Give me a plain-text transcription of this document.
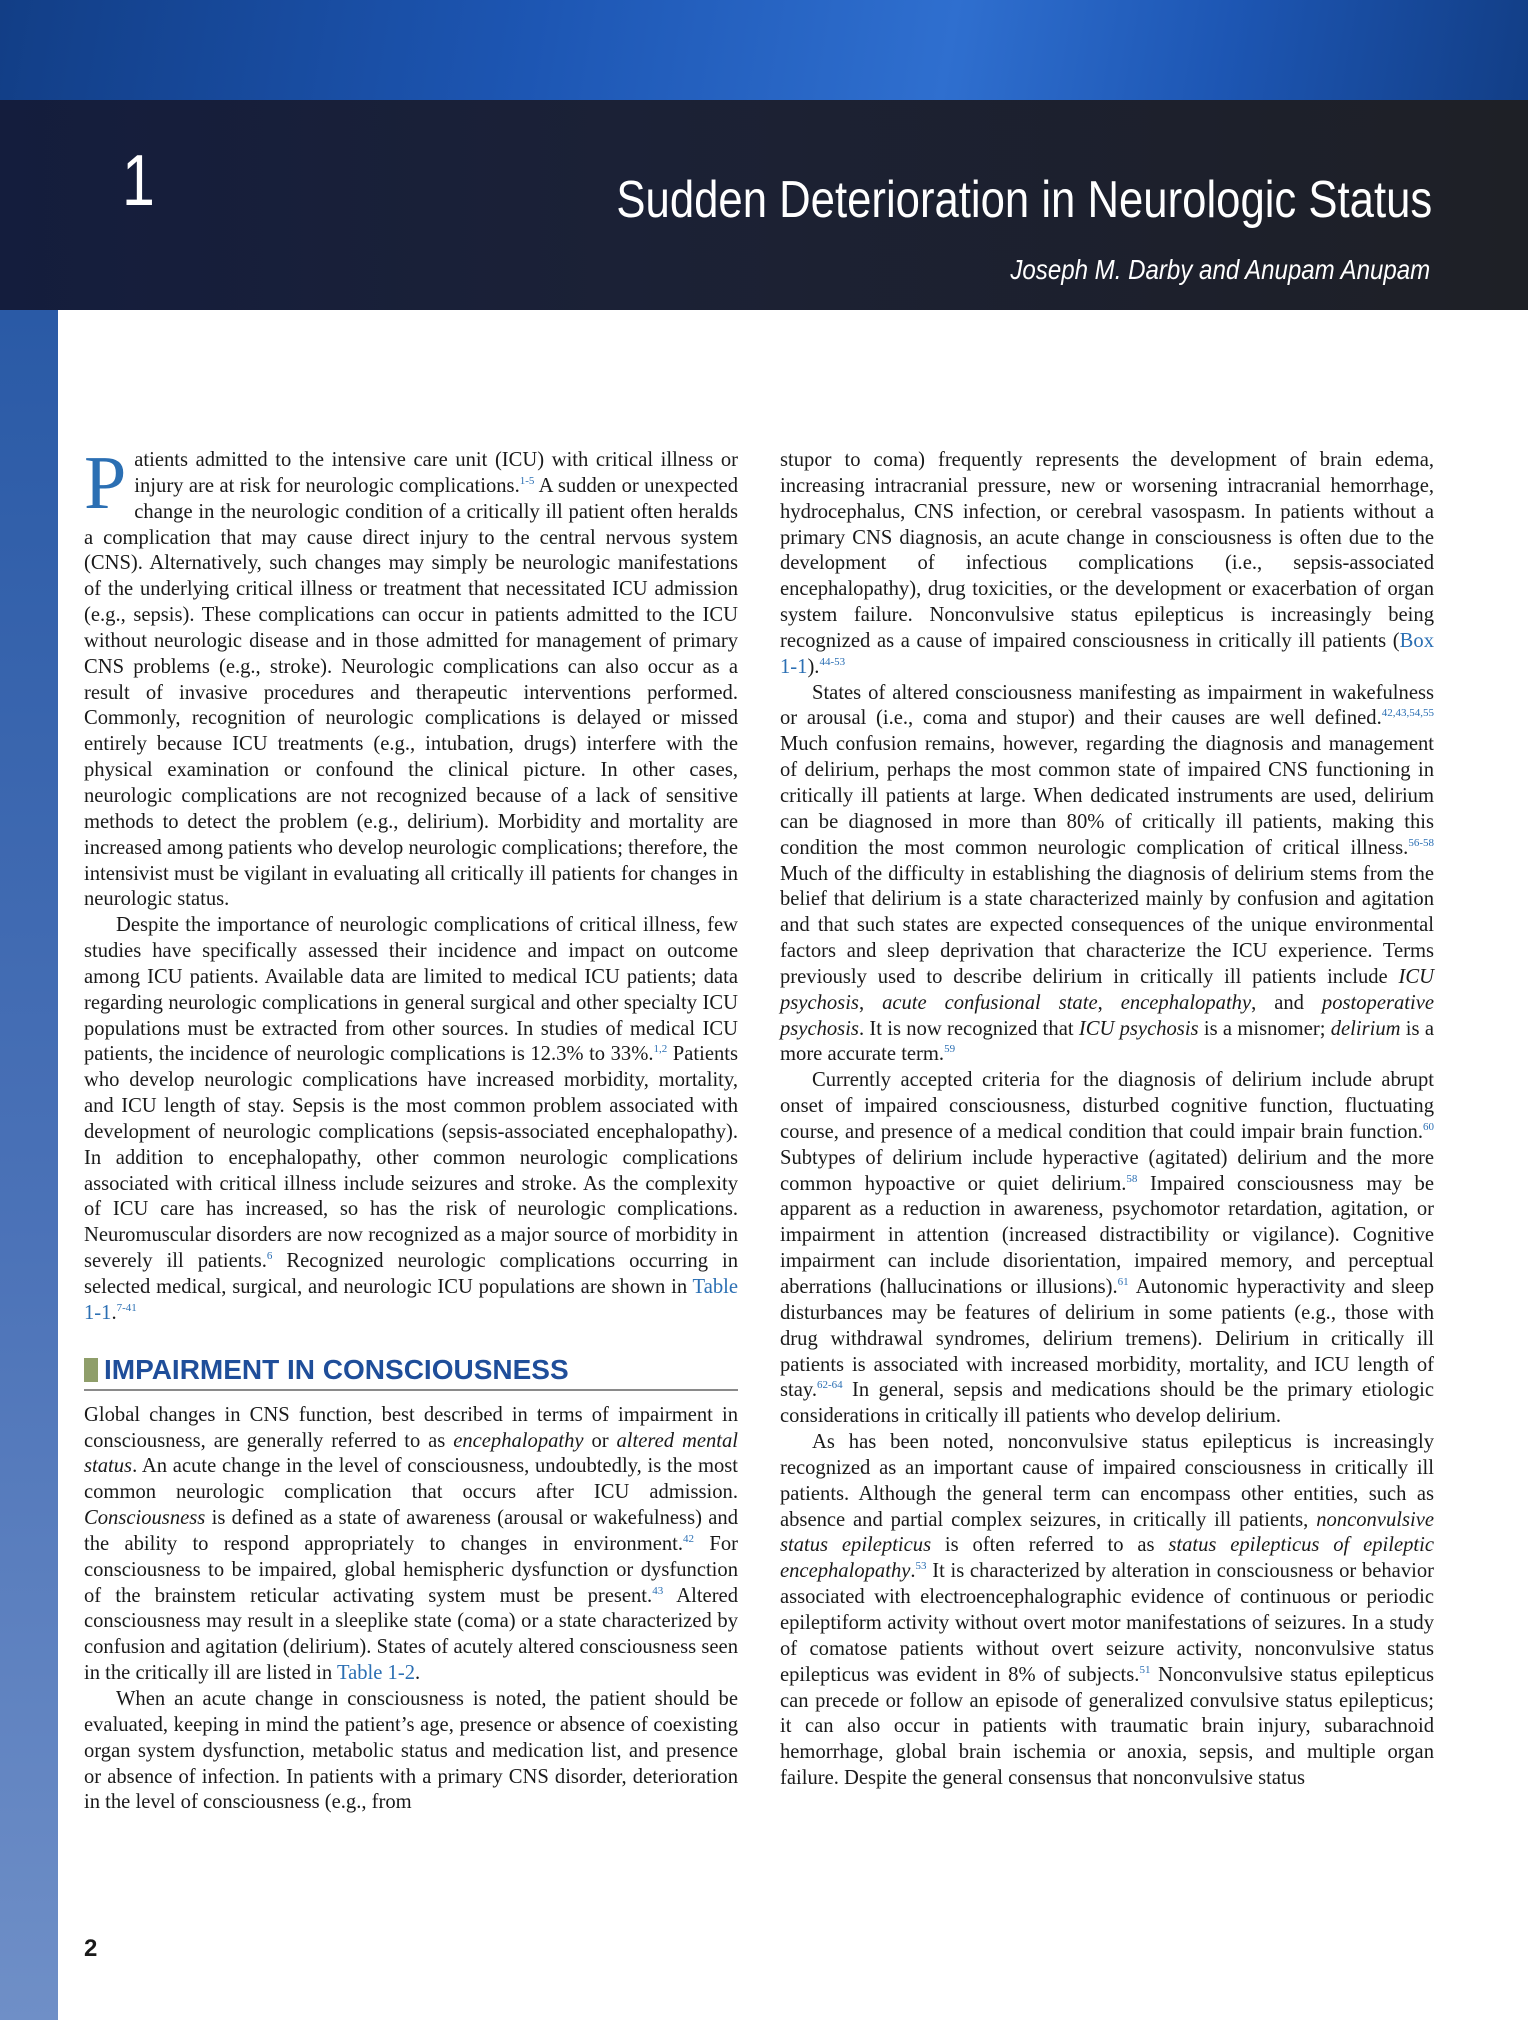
1	Sudden Deterioration in Neurologic Status
Joseph M. Darby and Anupam Anupam

Patients admitted to the intensive care unit (ICU) with critical illness or injury are at risk for neurologic complications.$^{1-5}$ A sudden or unexpected change in the neurologic condition of a critically ill patient often heralds a complication that may cause direct injury to the central nervous system (CNS). Alternatively, such changes may simply be neurologic manifestations of the underlying critical illness or treatment that necessitated ICU admission (e.g., sepsis). These complications can occur in patients admitted to the ICU without neurologic disease and in those admitted for management of primary CNS problems (e.g., stroke). Neurologic complications can also occur as a result of invasive procedures and therapeutic interventions performed. Commonly, recognition of neurologic complications is delayed or missed entirely because ICU treatments (e.g., intubation, drugs) interfere with the physical examination or confound the clinical picture. In other cases, neurologic complications are not recognized because of a lack of sensitive methods to detect the problem (e.g., delirium). Morbidity and mortality are increased among patients who develop neurologic complications; therefore, the intensivist must be vigilant in evaluating all critically ill patients for changes in neurologic status.

Despite the importance of neurologic complications of critical illness, few studies have specifically assessed their incidence and impact on outcome among ICU patients. Available data are limited to medical ICU patients; data regarding neurologic complications in general surgical and other specialty ICU populations must be extracted from other sources. In studies of medical ICU patients, the incidence of neurologic complications is 12.3% to 33%.$^{1,2}$ Patients who develop neurologic complications have increased morbidity, mortality, and ICU length of stay. Sepsis is the most common problem associated with development of neurologic complications (sepsis-associated encephalopathy). In addition to encephalopathy, other common neurologic complications associated with critical illness include seizures and stroke. As the complexity of ICU care has increased, so has the risk of neurologic complications. Neuromuscular disorders are now recognized as a major source of morbidity in severely ill patients.$^6$ Recognized neurologic complications occurring in selected medical, surgical, and neurologic ICU populations are shown in Table 1-1.$^{7-41}$

IMPAIRMENT IN CONSCIOUSNESS

Global changes in CNS function, best described in terms of impairment in consciousness, are generally referred to as encephalopathy or altered mental status. An acute change in the level of consciousness, undoubtedly, is the most common neurologic complication that occurs after ICU admission. Consciousness is defined as a state of awareness (arousal or wakefulness) and the ability to respond appropriately to changes in environment.$^{42}$ For consciousness to be impaired, global hemispheric dysfunction or dysfunction of the brainstem reticular activating system must be present.$^{43}$ Altered consciousness may result in a sleeplike state (coma) or a state characterized by confusion and agitation (delirium). States of acutely altered consciousness seen in the critically ill are listed in Table 1-2.

When an acute change in consciousness is noted, the patient should be evaluated, keeping in mind the patient’s age, presence or absence of coexisting organ system dysfunction, metabolic status and medication list, and presence or absence of infection. In patients with a primary CNS disorder, deterioration in the level of consciousness (e.g., from

stupor to coma) frequently represents the development of brain edema, increasing intracranial pressure, new or worsening intracranial hemorrhage, hydrocephalus, CNS infection, or cerebral vasospasm. In patients without a primary CNS diagnosis, an acute change in consciousness is often due to the development of infectious complications (i.e., sepsis-associated encephalopathy), drug toxicities, or the development or exacerbation of organ system failure. Nonconvulsive status epilepticus is increasingly being recognized as a cause of impaired consciousness in critically ill patients (Box 1-1).$^{44-53}$

States of altered consciousness manifesting as impairment in wakefulness or arousal (i.e., coma and stupor) and their causes are well defined.$^{42,43,54,55}$ Much confusion remains, however, regarding the diagnosis and management of delirium, perhaps the most common state of impaired CNS functioning in critically ill patients at large. When dedicated instruments are used, delirium can be diagnosed in more than 80% of critically ill patients, making this condition the most common neurologic complication of critical illness.$^{56-58}$ Much of the difficulty in establishing the diagnosis of delirium stems from the belief that delirium is a state characterized mainly by confusion and agitation and that such states are expected consequences of the unique environmental factors and sleep deprivation that characterize the ICU experience. Terms previously used to describe delirium in critically ill patients include ICU psychosis, acute confusional state, encephalopathy, and postoperative psychosis. It is now recognized that ICU psychosis is a misnomer; delirium is a more accurate term.$^{59}$

Currently accepted criteria for the diagnosis of delirium include abrupt onset of impaired consciousness, disturbed cognitive function, fluctuating course, and presence of a medical condition that could impair brain function.$^{60}$ Subtypes of delirium include hyperactive (agitated) delirium and the more common hypoactive or quiet delirium.$^{58}$ Impaired consciousness may be apparent as a reduction in awareness, psychomotor retardation, agitation, or impairment in attention (increased distractibility or vigilance). Cognitive impairment can include disorientation, impaired memory, and perceptual aberrations (hallucinations or illusions).$^{61}$ Autonomic hyperactivity and sleep disturbances may be features of delirium in some patients (e.g., those with drug withdrawal syndromes, delirium tremens). Delirium in critically ill patients is associated with increased morbidity, mortality, and ICU length of stay.$^{62-64}$ In general, sepsis and medications should be the primary etiologic considerations in critically ill patients who develop delirium.

As has been noted, nonconvulsive status epilepticus is increasingly recognized as an important cause of impaired consciousness in critically ill patients. Although the general term can encompass other entities, such as absence and partial complex seizures, in critically ill patients, nonconvulsive status epilepticus is often referred to as status epilepticus of epileptic encephalopathy.$^{53}$ It is characterized by alteration in consciousness or behavior associated with electroencephalographic evidence of continuous or periodic epileptiform activity without overt motor manifestations of seizures. In a study of comatose patients without overt seizure activity, nonconvulsive status epilepticus was evident in 8% of subjects.$^{51}$ Nonconvulsive status epilepticus can precede or follow an episode of generalized convulsive status epilepticus; it can also occur in patients with traumatic brain injury, subarachnoid hemorrhage, global brain ischemia or anoxia, sepsis, and multiple organ failure. Despite the general consensus that nonconvulsive status

2
